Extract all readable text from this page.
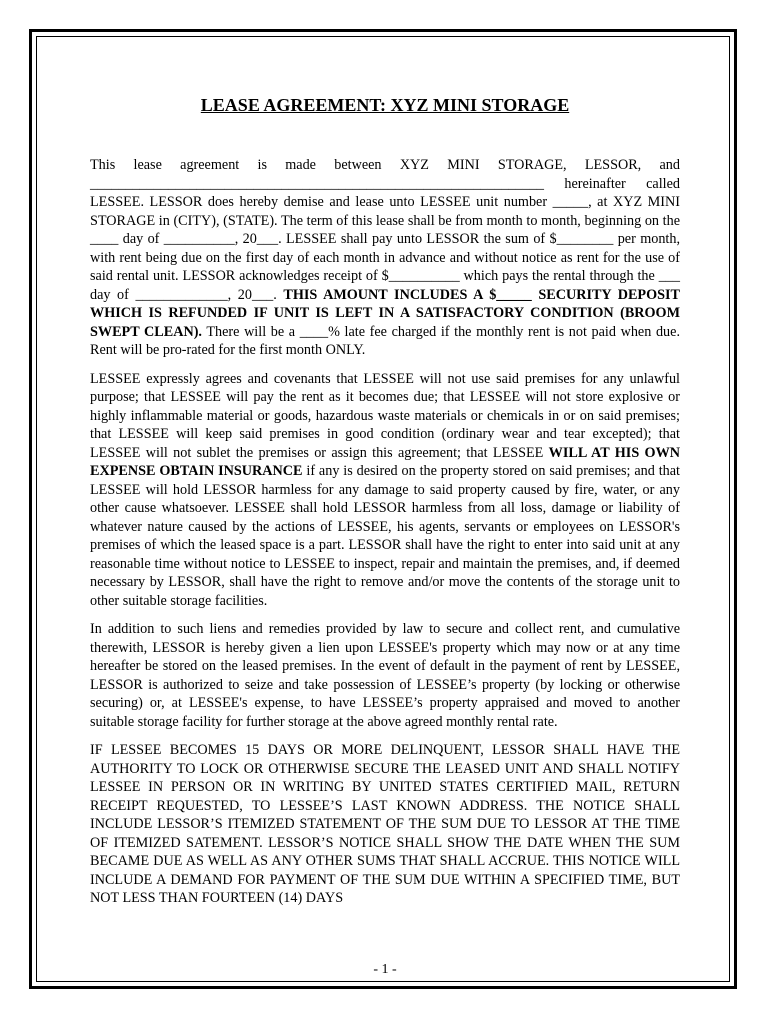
LEASE AGREEMENT: XYZ MINI STORAGE

This lease agreement is made between XYZ MINI STORAGE, LESSOR, and ________________________________________________________________ hereinafter called LESSEE. LESSOR does hereby demise and lease unto LESSEE unit number _____, at XYZ MINI STORAGE in (CITY), (STATE). The term of this lease shall be from month to month, beginning on the ____ day of __________, 20___. LESSEE shall pay unto LESSOR the sum of $________ per month, with rent being due on the first day of each month in advance and without notice as rent for the use of said rental unit. LESSOR acknowledges receipt of $__________ which pays the rental through the ___ day of _____________, 20___. THIS AMOUNT INCLUDES A $_____ SECURITY DEPOSIT WHICH IS REFUNDED IF UNIT IS LEFT IN A SATISFACTORY CONDITION (BROOM SWEPT CLEAN). There will be a ____% late fee charged if the monthly rent is not paid when due. Rent will be pro-rated for the first month ONLY.

LESSEE expressly agrees and covenants that LESSEE will not use said premises for any unlawful purpose; that LESSEE will pay the rent as it becomes due; that LESSEE will not store explosive or highly inflammable material or goods, hazardous waste materials or chemicals in or on said premises; that LESSEE will keep said premises in good condition (ordinary wear and tear excepted); that LESSEE will not sublet the premises or assign this agreement; that LESSEE WILL AT HIS OWN EXPENSE OBTAIN INSURANCE if any is desired on the property stored on said premises; and that LESSEE will hold LESSOR harmless for any damage to said property caused by fire, water, or any other cause whatsoever. LESSEE shall hold LESSOR harmless from all loss, damage or liability of whatever nature caused by the actions of LESSEE, his agents, servants or employees on LESSOR's premises of which the leased space is a part. LESSOR shall have the right to enter into said unit at any reasonable time without notice to LESSEE to inspect, repair and maintain the premises, and, if deemed necessary by LESSOR, shall have the right to remove and/or move the contents of the storage unit to other suitable storage facilities.

In addition to such liens and remedies provided by law to secure and collect rent, and cumulative therewith, LESSOR is hereby given a lien upon LESSEE's property which may now or at any time hereafter be stored on the leased premises. In the event of default in the payment of rent by LESSEE, LESSOR is authorized to seize and take possession of LESSEE’s property (by locking or otherwise securing) or, at LESSEE's expense, to have LESSEE’s property appraised and moved to another suitable storage facility for further storage at the above agreed monthly rental rate.

IF LESSEE BECOMES 15 DAYS OR MORE DELINQUENT, LESSOR SHALL HAVE THE AUTHORITY TO LOCK OR OTHERWISE SECURE THE LEASED UNIT AND SHALL NOTIFY LESSEE IN PERSON OR IN WRITING BY UNITED STATES CERTIFIED MAIL, RETURN RECEIPT REQUESTED, TO LESSEE’S LAST KNOWN ADDRESS. THE NOTICE SHALL INCLUDE LESSOR’S ITEMIZED STATEMENT OF THE SUM DUE TO LESSOR AT THE TIME OF ITEMIZED SATEMENT. LESSOR’S NOTICE SHALL SHOW THE DATE WHEN THE SUM BECAME DUE AS WELL AS ANY OTHER SUMS THAT SHALL ACCRUE. THIS NOTICE WILL INCLUDE A DEMAND FOR PAYMENT OF THE SUM DUE WITHIN A SPECIFIED TIME, BUT NOT LESS THAN FOURTEEN (14) DAYS

- 1 -
